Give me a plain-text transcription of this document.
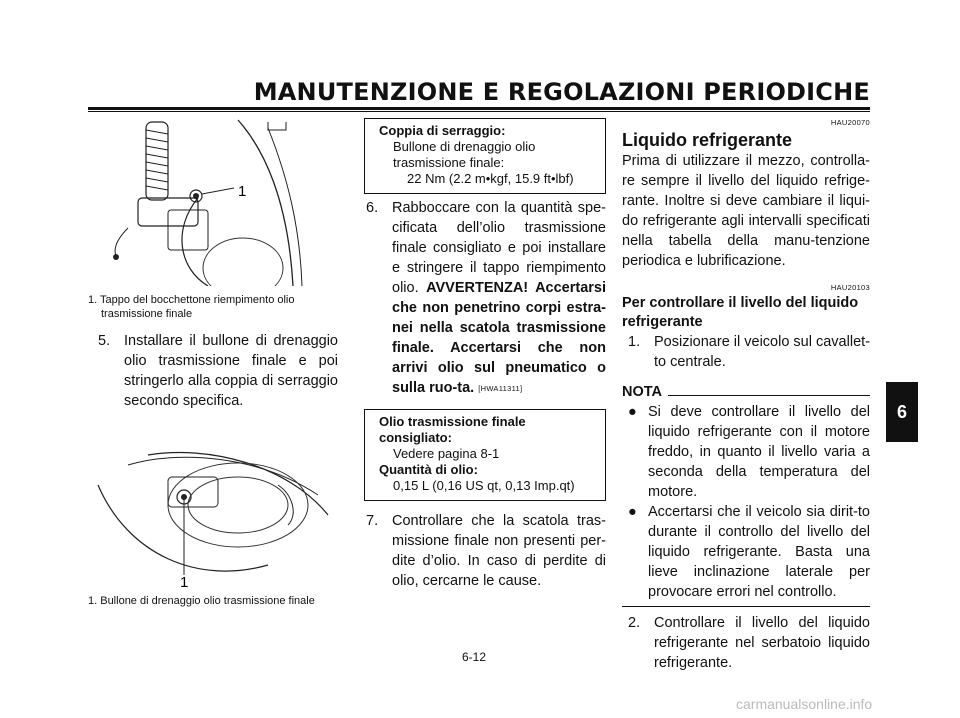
MANUTENZIONE E REGOLAZIONI PERIODICHE
6
1
1. Tappo del bocchettone riempimento olio
trasmissione finale
5. Installare il bullone di drenaggio olio trasmissione finale e poi stringerlo alla coppia di serraggio secondo specifica.
1
1. Bullone di drenaggio olio trasmissione finale
Coppia di serraggio:
Bullone di drenaggio olio
trasmissione finale:
22 Nm (2.2 m•kgf, 15.9 ft•lbf)
6. Rabboccare con la quantità spe-cificata dell’olio trasmissione finale consigliato e poi installare e stringere il tappo riempimento olio. AVVERTENZA! Accertarsi che non penetrino corpi estra-nei nella scatola trasmissione finale. Accertarsi che non arrivi olio sul pneumatico o sulla ruo-ta. [HWA11311]
Olio trasmissione finale
consigliato:
Vedere pagina 8-1
Quantità di olio:
0,15 L (0,16 US qt, 0,13 Imp.qt)
7. Controllare che la scatola tras-missione finale non presenti per-dite d’olio. In caso di perdite di olio, cercarne le cause.
HAU20070
Liquido refrigerante
Prima di utilizzare il mezzo, controlla-re sempre il livello del liquido refrige-rante. Inoltre si deve cambiare il liqui-do refrigerante agli intervalli specificati nella tabella della manu-tenzione periodica e lubrificazione.
HAU20103
Per controllare il livello del liquido refrigerante
1. Posizionare il veicolo sul cavallet-to centrale.
NOTA
● Si deve controllare il livello del liquido refrigerante con il motore freddo, in quanto il livello varia a seconda della temperatura del motore.
● Accertarsi che il veicolo sia dirit-to durante il controllo del livello del liquido refrigerante. Basta una lieve inclinazione laterale per provocare errori nel controllo.
2. Controllare il livello del liquido refrigerante nel serbatoio liquido refrigerante.
6-12
carmanualsonline.info
